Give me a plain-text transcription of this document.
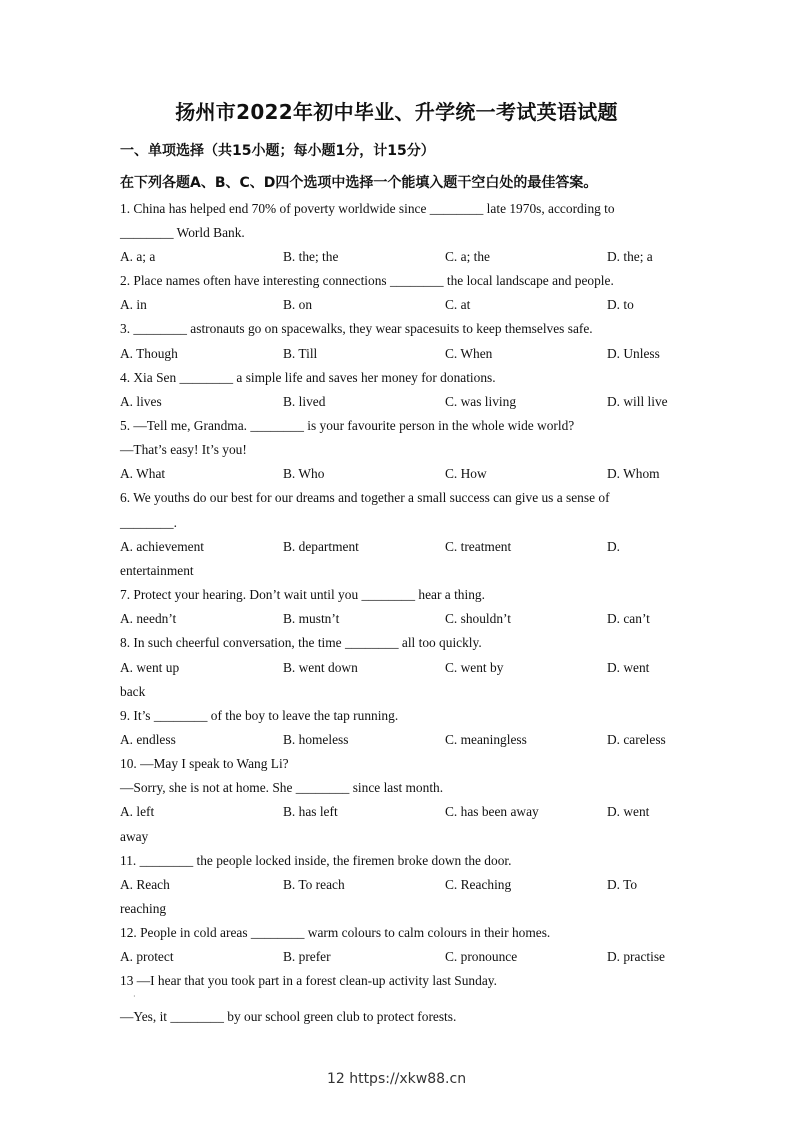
扬州市2022年初中毕业、升学统一考试英语试题
一、单项选择（共15小题；每小题1分，计15分）
在下列各题A、B、C、D四个选项中选择一个能填入题干空白处的最佳答案。
1. China has helped end 70% of poverty worldwide since ________ late 1970s, according to
________ World Bank.
A. a; a	B. the; the	C. a; the	D. the; a
2. Place names often have interesting connections ________ the local landscape and people.
A. in	B. on	C. at	D. to
3. ________ astronauts go on spacewalks, they wear spacesuits to keep themselves safe.
A. Though	B. Till	C. When	D. Unless
4. Xia Sen ________ a simple life and saves her money for donations.
A. lives	B. lived	C. was living	D. will live
5. —Tell me, Grandma. ________ is your favourite person in the whole wide world?
—That’s easy! It’s you!
A. What	B. Who	C. How	D. Whom
6. We youths do our best for our dreams and together a small success can give us a sense of
________.
A. achievement	B. department	C. treatment	D.
entertainment
7. Protect your hearing. Don’t wait until you ________ hear a thing.
A. needn’t	B. mustn’t	C. shouldn’t	D. can’t
8. In such cheerful conversation, the time ________ all too quickly.
A. went up	B. went down	C. went by	D. went
back
9. It’s ________ of the boy to leave the tap running.
A. endless	B. homeless	C. meaningless	D. careless
10. —May I speak to Wang Li?
—Sorry, she is not at home. She ________ since last month.
A. left	B. has left	C. has been away	D. went
away
11. ________ the people locked inside, the firemen broke down the door.
A. Reach	B. To reach	C. Reaching	D. To
reaching
12. People in cold areas ________ warm colours to calm colours in their homes.
A. protect	B. prefer	C. pronounce	D. practise
13 —I hear that you took part in a forest clean-up activity last Sunday.
·
—Yes, it ________ by our school green club to protect forests.
12 https://xkw88.cn
